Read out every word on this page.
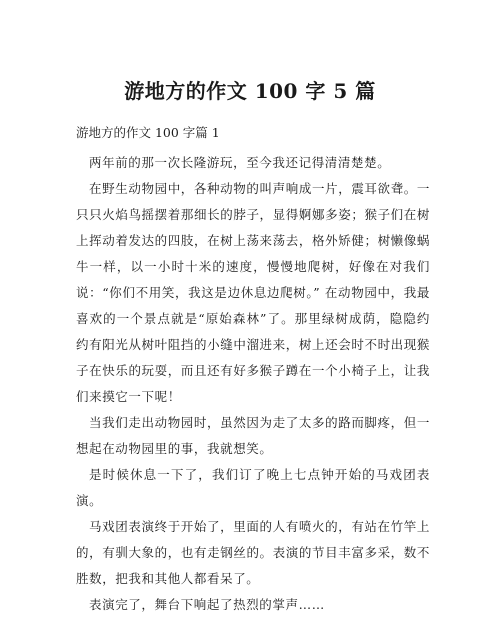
游地方的作文 100 字 5 篇
游地方的作文 100 字篇 1

两年前的那一次长隆游玩，至今我还记得清清楚楚。

在野生动物园中，各种动物的叫声响成一片，震耳欲聋。一只只火焰鸟摇摆着那细长的脖子，显得婀娜多姿；猴子们在树上挥动着发达的四肢，在树上荡来荡去，格外矫健；树懒像蜗牛一样，以一小时十米的速度，慢慢地爬树，好像在对我们说：“你们不用笑，我这是边休息边爬树。” 在动物园中，我最喜欢的一个景点就是“原始森林”了。那里绿树成荫，隐隐约约有阳光从树叶阻挡的小缝中溜进来，树上还会时不时出现猴子在快乐的玩耍，而且还有好多猴子蹲在一个小椅子上，让我们来摸它一下呢！

当我们走出动物园时，虽然因为走了太多的路而脚疼，但一想起在动物园里的事，我就想笑。

是时候休息一下了，我们订了晚上七点钟开始的马戏团表演。

马戏团表演终于开始了，里面的人有喷火的，有站在竹竿上的，有驯大象的，也有走钢丝的。表演的节目丰富多采，数不胜数，把我和其他人都看呆了。

表演完了，舞台下响起了热烈的掌声……
